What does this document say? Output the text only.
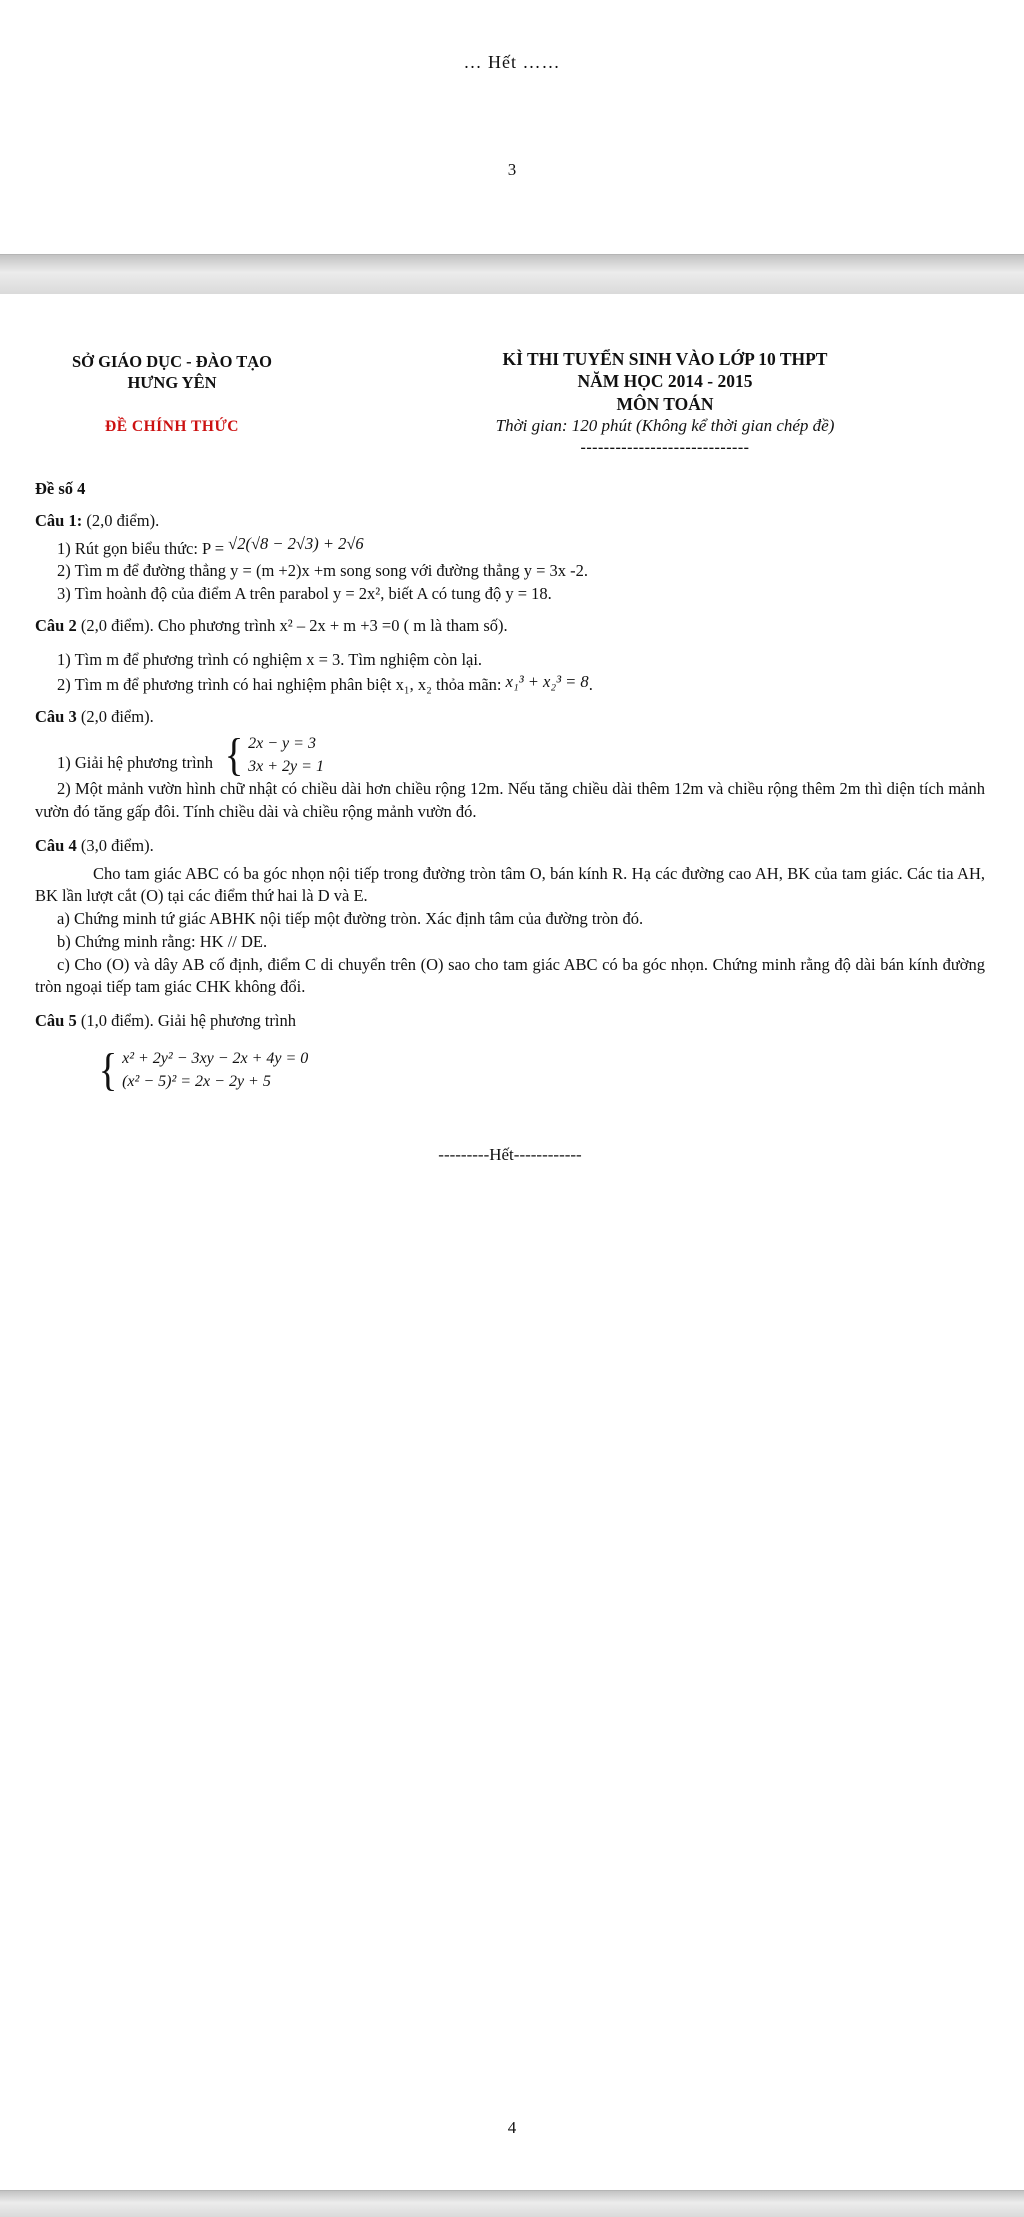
… Hết ……
3
SỞ GIÁO DỤC - ĐÀO TẠO
HƯNG YÊN
ĐỀ CHÍNH THỨC
KÌ THI TUYỂN SINH VÀO LỚP 10 THPT
NĂM HỌC 2014 - 2015
MÔN TOÁN
Thời gian: 120 phút (Không kể thời gian chép đề)
-----------------------------

Đề số 4

Câu 1: (2,0 điểm).

1) Rút gọn biểu thức: P = √2(√8 − 2√3) + 2√6

2) Tìm m để đường thẳng y = (m +2)x +m song song với đường thẳng y = 3x -2.

3) Tìm hoành độ của điểm A trên parabol y = 2x², biết A có tung độ y = 18.

Câu 2 (2,0 điểm). Cho phương trình x² – 2x + m +3 =0 ( m là tham số).

1) Tìm m để phương trình có nghiệm x = 3. Tìm nghiệm còn lại.

2) Tìm m để phương trình có hai nghiệm phân biệt x₁, x₂ thỏa mãn: x₁³ + x₂³ = 8.

Câu 3 (2,0 điểm).

1) Giải hệ phương trình { 2x − y = 3
3x + 2y = 1

2) Một mảnh vườn hình chữ nhật có chiều dài hơn chiều rộng 12m. Nếu tăng chiều dài thêm 12m và chiều rộng thêm 2m thì diện tích mảnh vườn đó tăng gấp đôi. Tính chiều dài và chiều rộng mảnh vườn đó.

Câu 4 (3,0 điểm).

Cho tam giác ABC có ba góc nhọn nội tiếp trong đường tròn tâm O, bán kính R. Hạ các đường cao AH, BK của tam giác. Các tia AH, BK lần lượt cắt (O) tại các điểm thứ hai là D và E.

a) Chứng minh tứ giác ABHK nội tiếp một đường tròn. Xác định tâm của đường tròn đó.

b) Chứng minh rằng: HK // DE.

c) Cho (O) và dây AB cố định, điểm C di chuyển trên (O) sao cho tam giác ABC có ba góc nhọn. Chứng minh rằng độ dài bán kính đường tròn ngoại tiếp tam giác CHK không đổi.

Câu 5 (1,0 điểm). Giải hệ phương trình

{ x² + 2y² − 3xy − 2x + 4y = 0
(x² − 5)² = 2x − 2y + 5

---------Hết------------

4
